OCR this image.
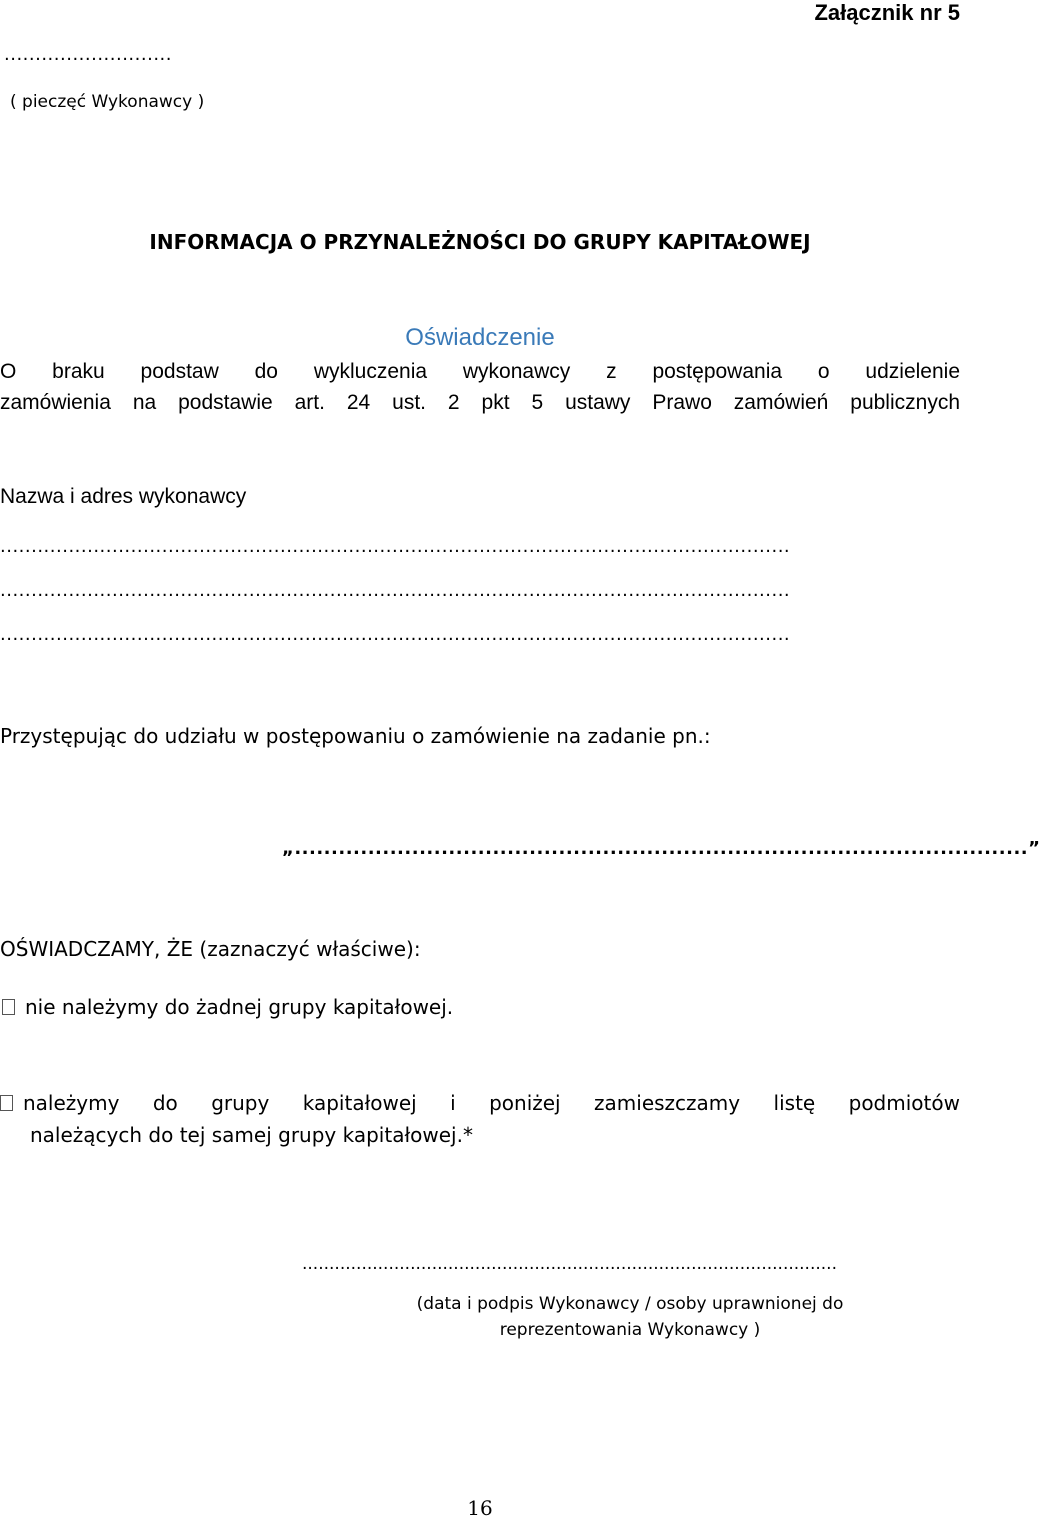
Załącznik nr 5
...........................
( pieczęć Wykonawcy )
INFORMACJA O PRZYNALEŻNOŚCI DO GRUPY KAPITAŁOWEJ
Oświadczenie
O braku podstaw do wykluczenia wykonawcy z postępowania o udzielenie
zamówienia na podstawie art. 24 ust. 2 pkt 5 ustawy Prawo zamówień publicznych
Nazwa i adres wykonawcy
...............................................................................................................................
...............................................................................................................................
...............................................................................................................................
Przystępując do udziału w postępowaniu o zamówienie na zadanie pn.:
„....................................................................................................”
OŚWIADCZAMY, ŻE (zaznaczyć właściwe):
nie należymy do żadnej grupy kapitałowej.
należymy do grupy kapitałowej i poniżej zamieszczamy listę podmiotów
należących do tej samej grupy kapitałowej.*
...................................................................................................
(data i podpis Wykonawcy / osoby uprawnionej do
reprezentowania Wykonawcy )
16
